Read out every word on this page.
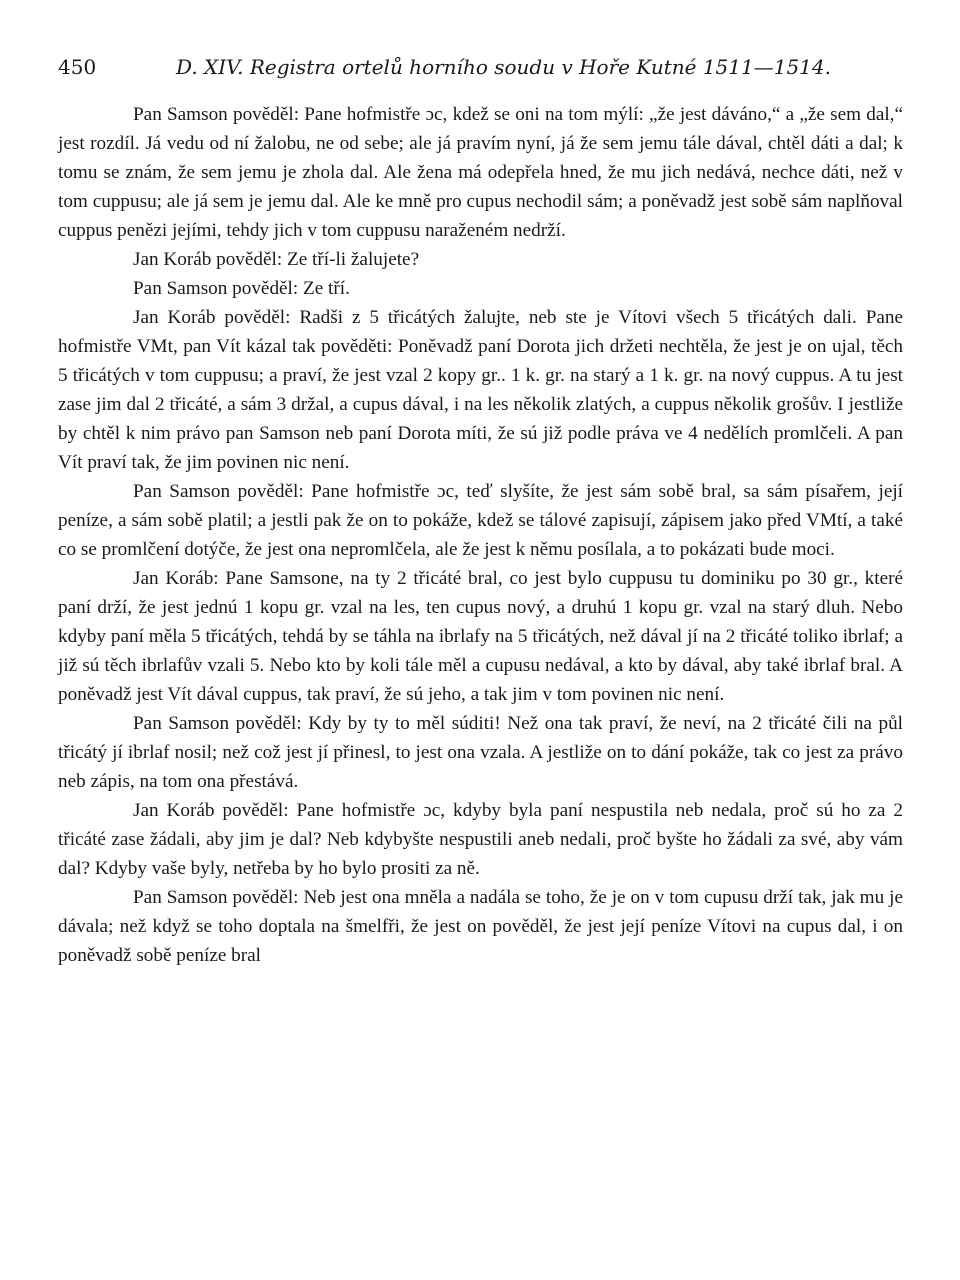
450	D. XIV. Registra ortelů horního soudu v Hoře Kutné 1511—1514.

Pan Samson pověděl: Pane hofmistře ɔc, kdež se oni na tom mýlí: „že jest dáváno,“ a „že sem dal,“ jest rozdíl. Já vedu od ní žalobu, ne od sebe; ale já pravím nyní, já že sem jemu tále dával, chtěl dáti a dal; k tomu se znám, že sem jemu je zhola dal. Ale žena má odepřela hned, že mu jich nedává, nechce dáti, než v tom cuppusu; ale já sem je jemu dal. Ale ke mně pro cupus nechodil sám; a poněvadž jest sobě sám naplňoval cuppus penězi jejími, tehdy jich v tom cuppusu naraženém nedrží.

Jan Koráb pověděl: Ze tří-li žalujete?

Pan Samson pověděl: Ze tří.

Jan Koráb pověděl: Radši z 5 třicátých žalujte, neb ste je Vítovi všech 5 třicátých dali. Pane hofmistře VMt, pan Vít kázal tak pověděti: Poněvadž paní Dorota jich držeti nechtěla, že jest je on ujal, těch 5 třicátých v tom cuppusu; a praví, že jest vzal 2 kopy gr.. 1 k. gr. na starý a 1 k. gr. na nový cuppus. A tu jest zase jim dal 2 třicáté, a sám 3 držal, a cupus dával, i na les několik zlatých, a cuppus několik grošův. I jestliže by chtěl k nim právo pan Samson neb paní Dorota míti, že sú již podle práva ve 4 nedělích promlčeli. A pan Vít praví tak, že jim povinen nic není.

Pan Samson pověděl: Pane hofmistře ɔc, teď slyšíte, že jest sám sobě bral, sa sám písařem, její peníze, a sám sobě platil; a jestli pak že on to pokáže, kdež se tálové zapisují, zápisem jako před VMtí, a také co se promlčení dotýče, že jest ona nepromlčela, ale že jest k němu posílala, a to pokázati bude moci.

Jan Koráb: Pane Samsone, na ty 2 třicáté bral, co jest bylo cuppusu tu dominiku po 30 gr., které paní drží, že jest jednú 1 kopu gr. vzal na les, ten cupus nový, a druhú 1 kopu gr. vzal na starý dluh. Nebo kdyby paní měla 5 třicátých, tehdá by se táhla na ibrlafy na 5 třicátých, než dával jí na 2 třicáté toliko ibrlaf; a již sú těch ibrlafův vzali 5. Nebo kto by koli tále měl a cupusu nedával, a kto by dával, aby také ibrlaf bral. A poněvadž jest Vít dával cuppus, tak praví, že sú jeho, a tak jim v tom povinen nic není.

Pan Samson pověděl: Kdy by ty to měl súditi! Než ona tak praví, že neví, na 2 třicáté čili na půl třicátý jí ibrlaf nosil; než což jest jí přinesl, to jest ona vzala. A jestliže on to dání pokáže, tak co jest za právo neb zápis, na tom ona přestává.

Jan Koráb pověděl: Pane hofmistře ɔc, kdyby byla paní nespustila neb nedala, proč sú ho za 2 třicáté zase žádali, aby jim je dal? Neb kdybyšte nespustili aneb nedali, proč byšte ho žádali za své, aby vám dal? Kdyby vaše byly, netřeba by ho bylo prositi za ně.

Pan Samson pověděl: Neb jest ona mněla a nadála se toho, že je on v tom cupusu drží tak, jak mu je dávala; než když se toho doptala na šmelfři, že jest on pověděl, že jest její peníze Vítovi na cupus dal, i on poněvadž sobě peníze bral
